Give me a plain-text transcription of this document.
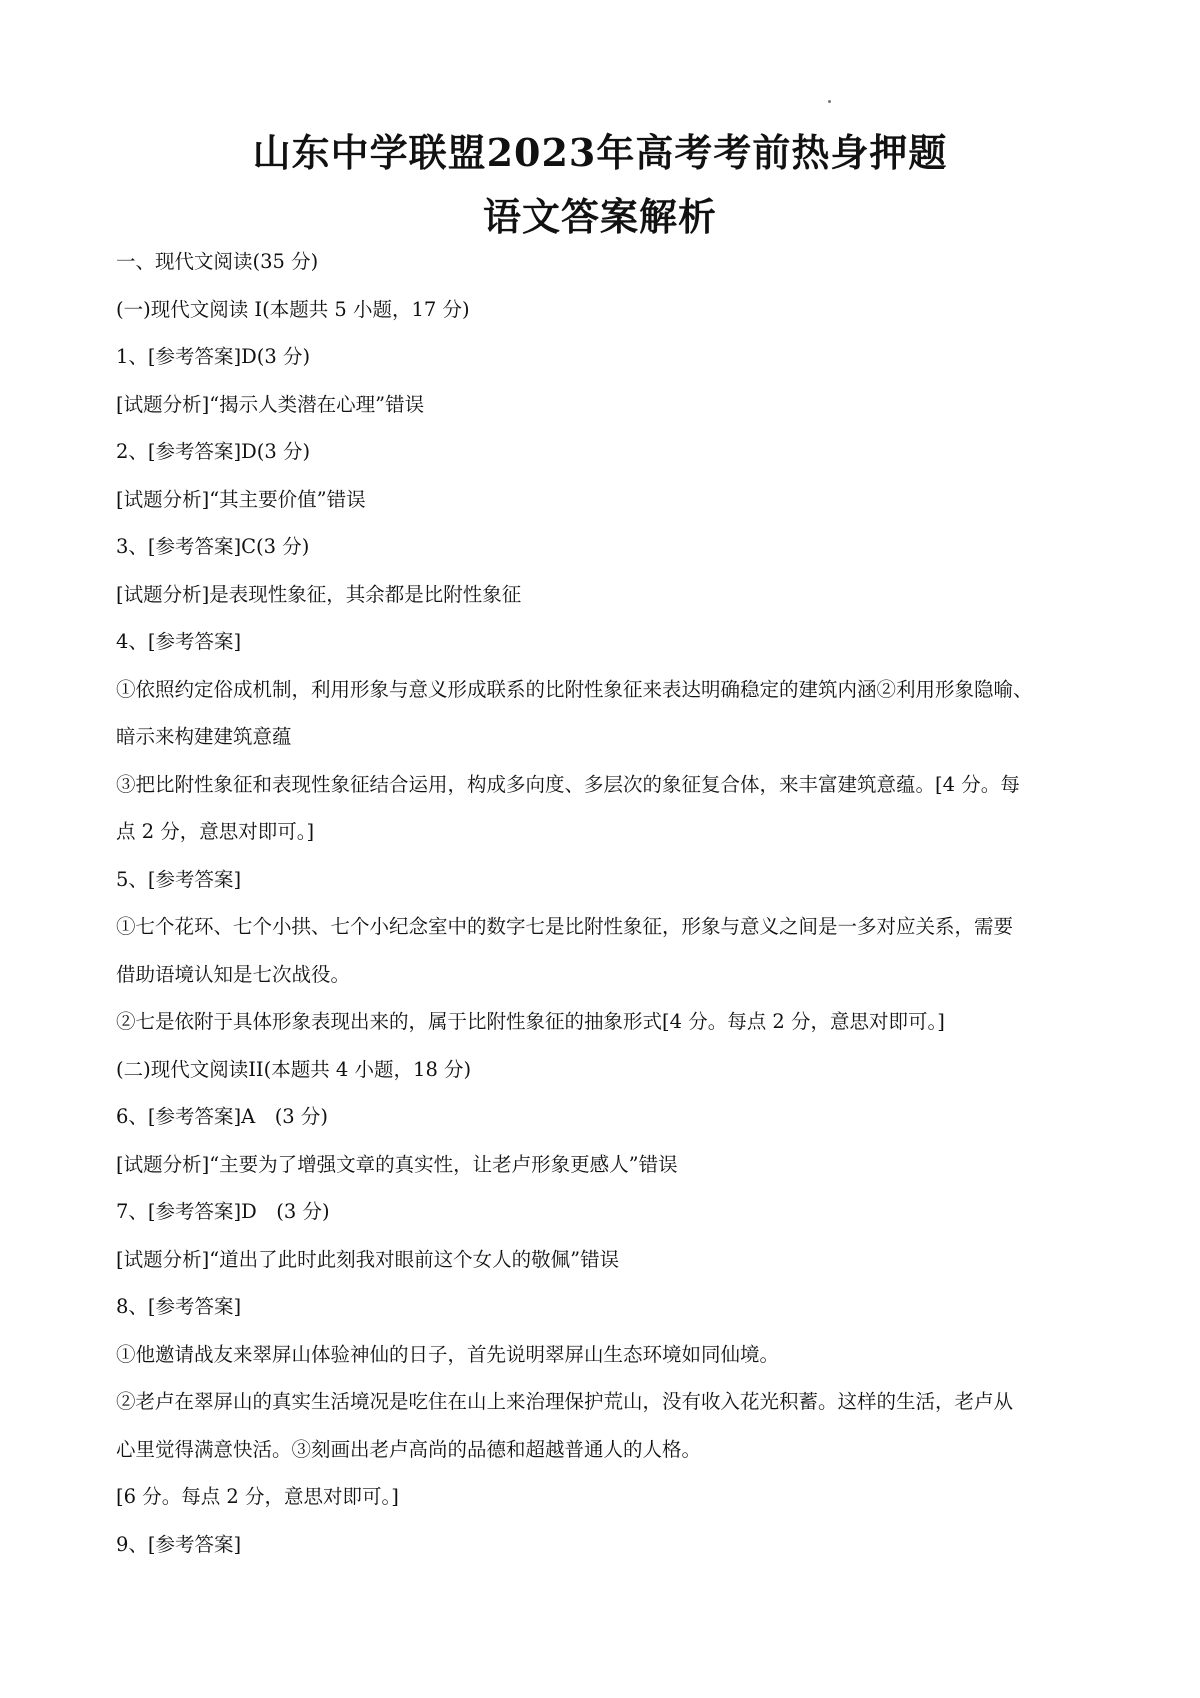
山东中学联盟2023年高考考前热身押题
语文答案解析

一、现代文阅读(35 分)

(一)现代文阅读 I(本题共 5 小题，17 分)

1、[参考答案]D(3 分)

[试题分析]“揭示人类潜在心理”错误

2、[参考答案]D(3 分)

[试题分析]“其主要价值”错误

3、[参考答案]C(3 分)

[试题分析]是表现性象征，其余都是比附性象征

4、[参考答案]

①依照约定俗成机制，利用形象与意义形成联系的比附性象征来表达明确稳定的建筑内涵②利用形象隐喻、

暗示来构建建筑意蕴

③把比附性象征和表现性象征结合运用，构成多向度、多层次的象征复合体，来丰富建筑意蕴。[4 分。每

点 2 分，意思对即可。]

5、[参考答案]

①七个花环、七个小拱、七个小纪念室中的数字七是比附性象征，形象与意义之间是一多对应关系，需要

借助语境认知是七次战役。

②七是依附于具体形象表现出来的，属于比附性象征的抽象形式[4 分。每点 2 分，意思对即可。]

(二)现代文阅读II(本题共 4 小题，18 分)

6、[参考答案]A　(3 分)

[试题分析]“主要为了增强文章的真实性，让老卢形象更感人”错误

7、[参考答案]D　(3 分)

[试题分析]“道出了此时此刻我对眼前这个女人的敬佩”错误

8、[参考答案]

①他邀请战友来翠屏山体验神仙的日子，首先说明翠屏山生态环境如同仙境。

②老卢在翠屏山的真实生活境况是吃住在山上来治理保护荒山，没有收入花光积蓄。这样的生活，老卢从

心里觉得满意快活。③刻画出老卢高尚的品德和超越普通人的人格。

[6 分。每点 2 分，意思对即可。]

9、[参考答案]
